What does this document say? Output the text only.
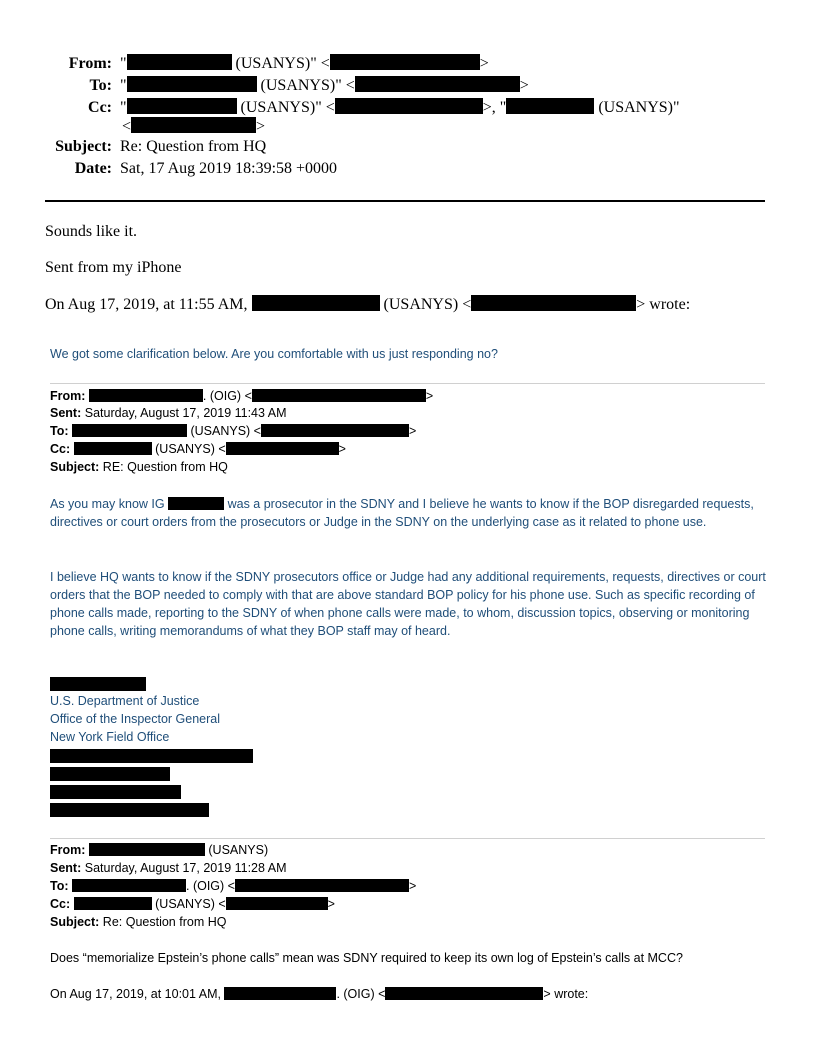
From:  "	(USANYS)" <	>
To:  "	(USANYS)" <	>
Cc:  "	(USANYS)" <	>, "	(USANYS)"
<	>
Subject: Re: Question from HQ
Date: Sat, 17 Aug 2019 18:39:58 +0000
Sounds like it.
Sent from my iPhone
On Aug 17, 2019, at 11:55 AM,	(USANYS) <	> wrote:
We got some clarification below. Are you comfortable with us just responding no?
From:	. (OIG) <	>
Sent: Saturday, August 17, 2019 11:43 AM
To:	(USANYS) <	>
Cc:	(USANYS) <	>
Subject: RE: Question from HQ
As you may know IG	was a prosecutor in the SDNY and I believe he wants to know if the BOP disregarded requests, directives or court orders from the prosecutors or Judge in the SDNY on the underlying case as it related to phone use.
I believe HQ wants to know if the SDNY prosecutors office or Judge had any additional requirements, requests, directives or court orders that the BOP needed to comply with that are above standard BOP policy for his phone use. Such as specific recording of phone calls made, reporting to the SDNY of when phone calls were made, to whom, discussion topics, observing or monitoring phone calls, writing memorandums of what they BOP staff may of heard.
U.S. Department of Justice
Office of the Inspector General
New York Field Office
From:	(USANYS)
Sent: Saturday, August 17, 2019 11:28 AM
To:	. (OIG) <	>
Cc:	(USANYS) <	>
Subject: Re: Question from HQ
Does “memorialize Epstein’s phone calls” mean was SDNY required to keep its own log of Epstein’s calls at MCC?
On Aug 17, 2019, at 10:01 AM,	. (OIG) <	> wrote:
